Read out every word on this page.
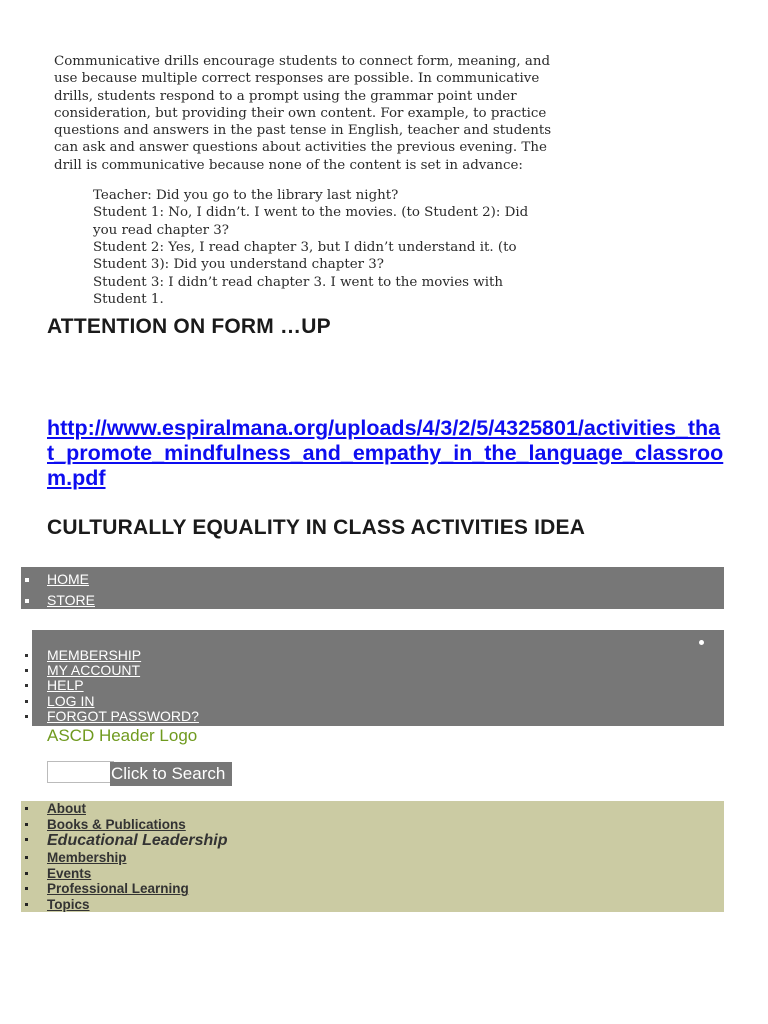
Communicative drills encourage students to connect form, meaning, and

use because multiple correct responses are possible. In communicative

drills, students respond to a prompt using the grammar point under

consideration, but providing their own content. For example, to practice

questions and answers in the past tense in English, teacher and students

can ask and answer questions about activities the previous evening. The

drill is communicative because none of the content is set in advance:

Teacher: Did you go to the library last night?
Student 1: No, I didn’t. I went to the movies. (to Student 2): Did
you read chapter 3?
Student 2: Yes, I read chapter 3, but I didn’t understand it. (to
Student 3): Did you understand chapter 3?
Student 3: I didn’t read chapter 3. I went to the movies with
Student 1.
ATTENTION ON FORM …UP
http://www.espiralmana.org/uploads/4/3/2/5/4325801/activities_that_promote_mindfulness_and_empathy_in_the_language_classroom.pdf
CULTURALLY EQUALITY IN CLASS ACTIVITIES IDEA
HOME
STORE
MEMBERSHIP
MY ACCOUNT
HELP
LOG IN
FORGOT PASSWORD?
ASCD Header Logo
Click to Search
About
Books & Publications
Educational Leadership
Membership
Events
Professional Learning
Topics
